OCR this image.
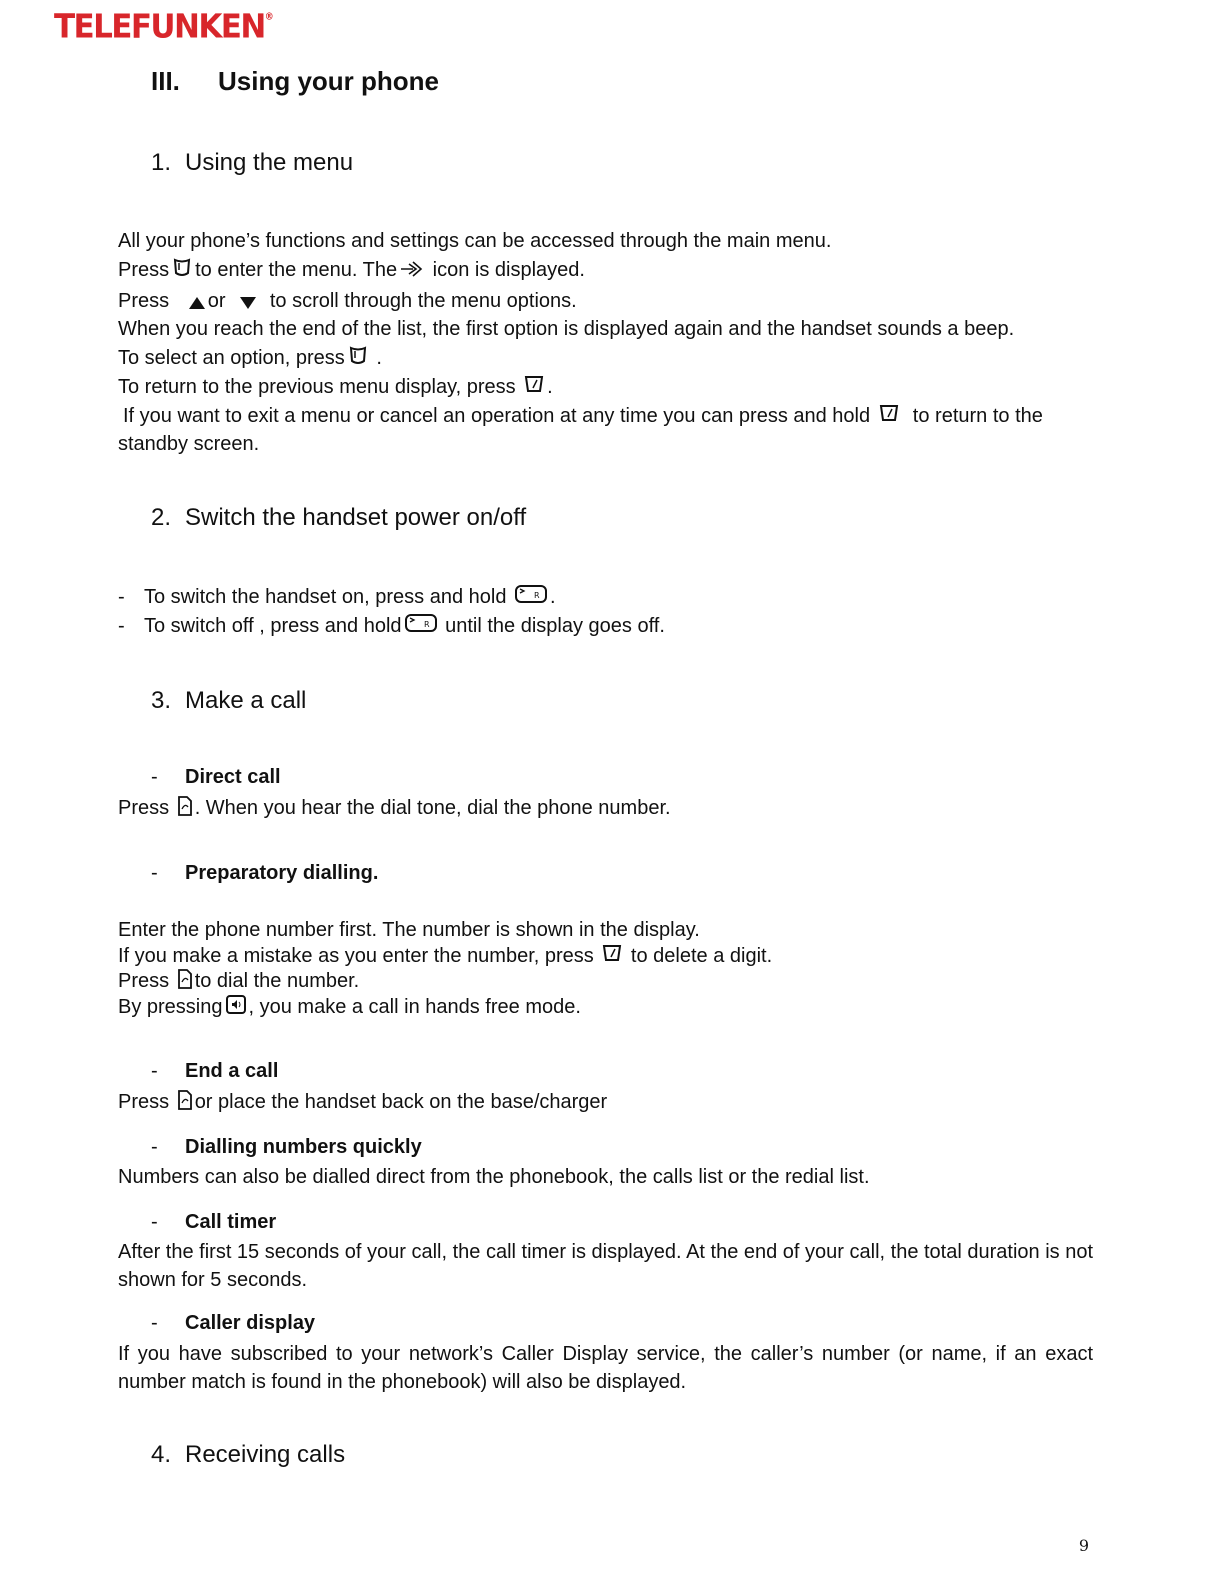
TELEFUNKEN®
III. Using your phone
1. Using the menu
All your phone’s functions and settings can be accessed through the main menu.
Press to enter the menu. The icon is displayed.
Press or to scroll through the menu options.
When you reach the end of the list, the first option is displayed again and the handset sounds a beep.
To select an option, press .
To return to the previous menu display, press .
If you want to exit a menu or cancel an operation at any time you can press and hold to return to the
standby screen.
2. Switch the handset power on/off
- To switch the handset on, press and hold	R .
- To switch off , press and hold	R until the display goes off.
3. Make a call
- Direct call
Press . When you hear the dial tone, dial the phone number.
- Preparatory dialling.
Enter the phone number first. The number is shown in the display.
If you make a mistake as you enter the number, press to delete a digit.
Press to dial the number.
By pressing , you make a call in hands free mode.
- End a call
Press or place the handset back on the base/charger
- Dialling numbers quickly
Numbers can also be dialled direct from the phonebook, the calls list or the redial list.
- Call timer
After the first 15 seconds of your call, the call timer is displayed. At the end of your call, the total duration is not shown for 5 seconds.
- Caller display
If you have subscribed to your network’s Caller Display service, the caller’s number (or name, if an exact number match is found in the phonebook) will also be displayed.
4. Receiving calls
9
